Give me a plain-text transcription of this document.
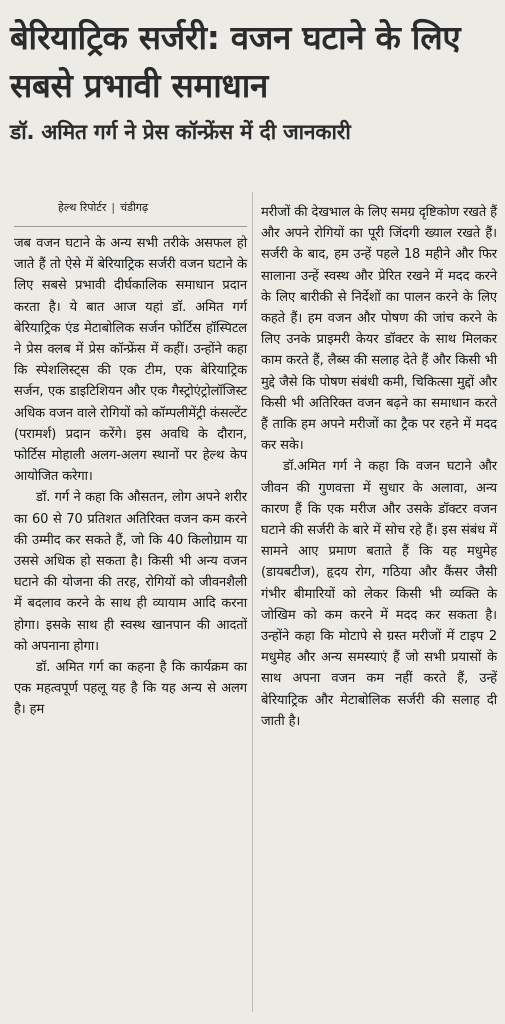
बेरियाट्रिक सर्जरी: वजन घटाने के लिए सबसे प्रभावी समाधान
डॉ. अमित गर्ग ने प्रेस कॉन्फ्रेंस में दी जानकारी
हेल्थ रिपोर्टर | चंडीगढ़

जब वजन घटाने के अन्य सभी तरीके असफल हो जाते हैं तो ऐसे में बेरियाट्रिक सर्जरी वजन घटाने के लिए सबसे प्रभावी दीर्घकालिक समाधान प्रदान करता है। ये बात आज यहां डॉ. अमित गर्ग बेरियाट्रिक एंड मेटाबोलिक सर्जन फोर्टिस हॉस्पिटल ने प्रेस क्लब में प्रेस कॉन्फ्रेंस में कहीं। उन्होंने कहा कि स्पेशलिस्ट्स की एक टीम, एक बेरियाट्रिक सर्जन, एक डाइटिशियन और एक गैस्ट्रोएंट्रोलॉजिस्ट अधिक वजन वाले रोगियों को कॉम्पलीमेंट्री कंसल्टेंट (परामर्श) प्रदान करेंगे। इस अवधि के दौरान, फोर्टिस मोहाली अलग-अलग स्थानों पर हेल्थ केप आयोजित करेगा।

डॉ. गर्ग ने कहा कि औसतन, लोग अपने शरीर का 60 से 70 प्रतिशत अतिरिक्त वजन कम करने की उम्मीद कर सकते हैं, जो कि 40 किलोग्राम या उससे अधिक हो सकता है। किसी भी अन्य वजन घटाने की योजना की तरह, रोगियों को जीवनशैली में बदलाव करने के साथ ही व्यायाम आदि करना होगा। इसके साथ ही स्वस्थ खानपान की आदतों को अपनाना होगा।

डॉ. अमित गर्ग का कहना है कि कार्यक्रम का एक महत्वपूर्ण पहलू यह है कि यह अन्य से अलग है। हम

मरीजों की देखभाल के लिए समग्र दृष्टिकोण रखते हैं और अपने रोगियों का पूरी जिंदगी ख्याल रखते हैं। सर्जरी के बाद, हम उन्हें पहले 18 महीने और फिर सालाना उन्हें स्वस्थ और प्रेरित रखने में मदद करने के लिए बारीकी से निर्देशों का पालन करने के लिए कहते हैं। हम वजन और पोषण की जांच करने के लिए उनके प्राइमरी केयर डॉक्टर के साथ मिलकर काम करते हैं, लैब्स की सलाह देते हैं और किसी भी मुद्दे जैसे कि पोषण संबंधी कमी, चिकित्सा मुद्दों और किसी भी अतिरिक्त वजन बढ़ने का समाधान करते हैं ताकि हम अपने मरीजों का ट्रैक पर रहने में मदद कर सके।

डॉ.अमित गर्ग ने कहा कि वजन घटाने और जीवन की गुणवत्ता में सुधार के अलावा, अन्य कारण हैं कि एक मरीज और उसके डॉक्टर वजन घटाने की सर्जरी के बारे में सोच रहे हैं। इस संबंध में सामने आए प्रमाण बताते हैं कि यह मधुमेह (डायबटीज), हृदय रोग, गठिया और कैंसर जैसी गंभीर बीमारियों को लेकर किसी भी व्यक्ति के जोखिम को कम करने में मदद कर सकता है। उन्होंने कहा कि मोटापे से ग्रस्त मरीजों में टाइप 2 मधुमेह और अन्य समस्याएं हैं जो सभी प्रयासों के साथ अपना वजन कम नहीं करते हैं, उन्हें बेरियाट्रिक और मेटाबोलिक सर्जरी की सलाह दी जाती है।
